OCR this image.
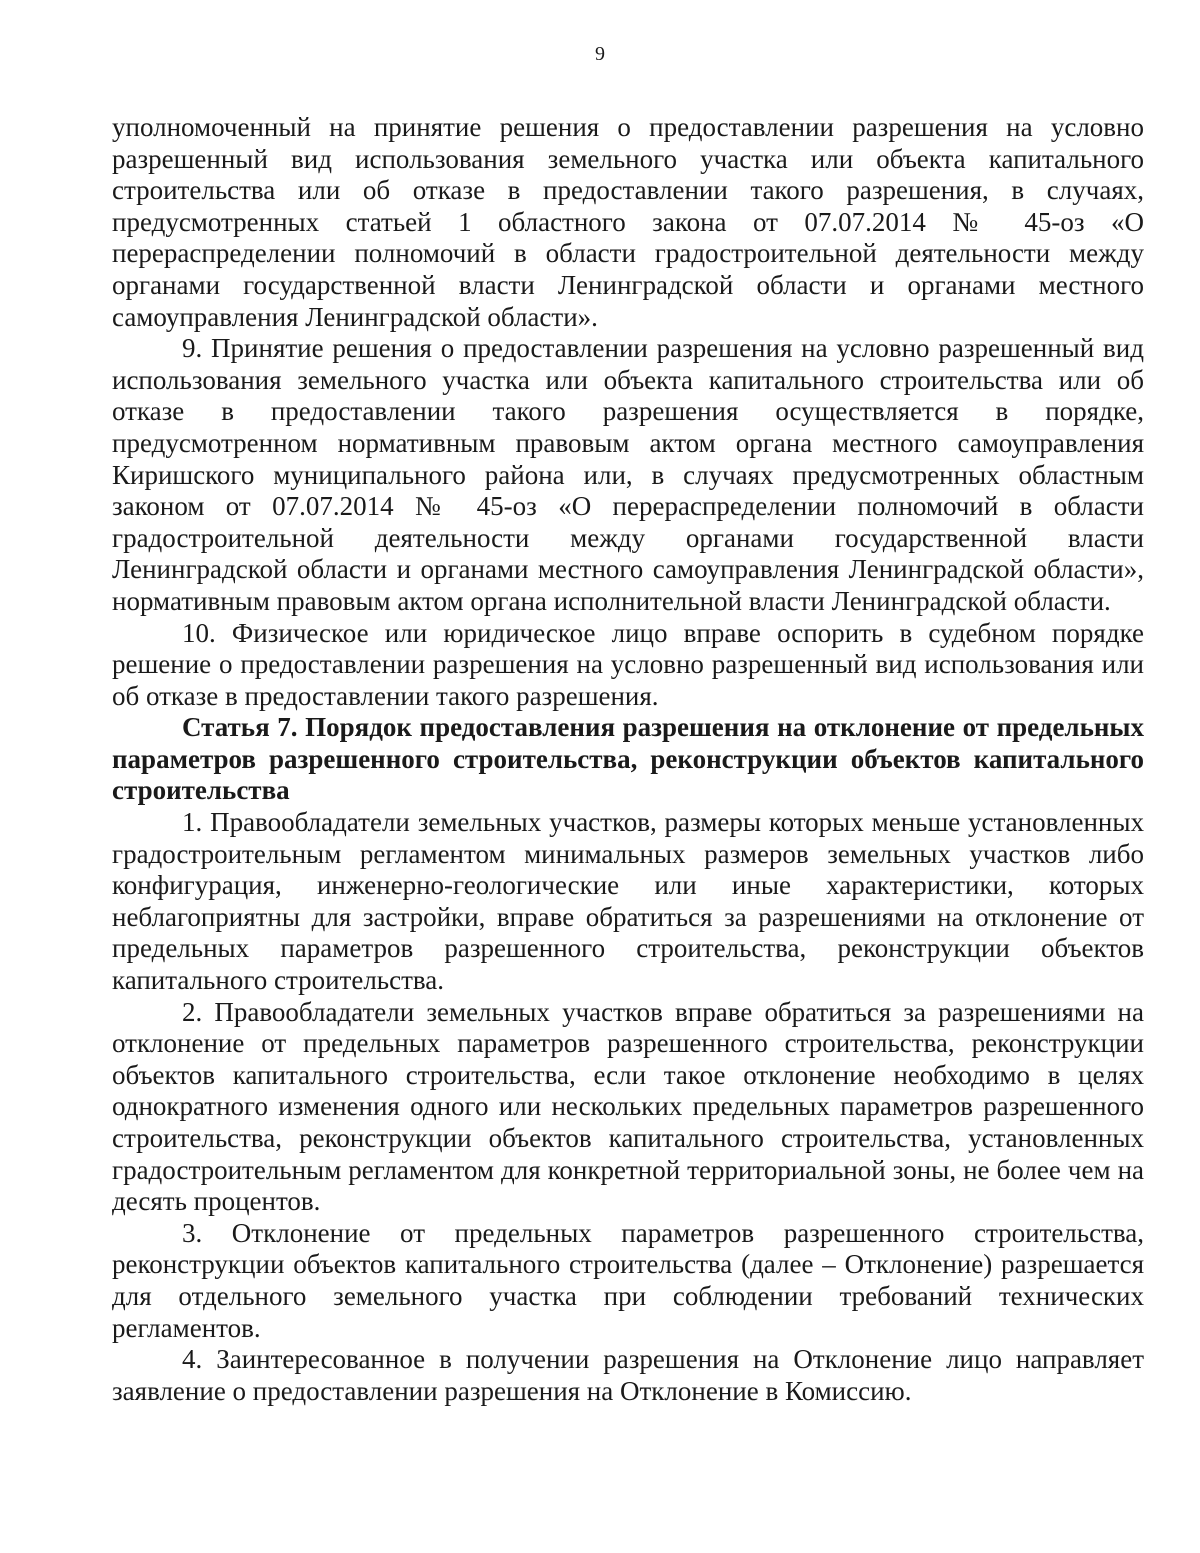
9

уполномоченный на принятие решения о предоставлении разрешения на условно разрешенный вид использования земельного участка или объекта капитального строительства или об отказе в предоставлении такого разрешения, в случаях, предусмотренных статьей 1 областного закона от 07.07.2014 № 45-оз «О перераспределении полномочий в области градостроительной деятельности между органами государственной власти Ленинградской области и органами местного самоуправления Ленинградской области».

9. Принятие решения о предоставлении разрешения на условно разрешенный вид использования земельного участка или объекта капитального строительства или об отказе в предоставлении такого разрешения осуществляется в порядке, предусмотренном нормативным правовым актом органа местного самоуправления Киришского муниципального района или, в случаях предусмотренных областным законом от 07.07.2014 № 45-оз «О перераспределении полномочий в области градостроительной деятельности между органами государственной власти Ленинградской области и органами местного самоуправления Ленинградской области», нормативным правовым актом органа исполнительной власти Ленинградской области.

10. Физическое или юридическое лицо вправе оспорить в судебном порядке решение о предоставлении разрешения на условно разрешенный вид использования или об отказе в предоставлении такого разрешения.

Статья 7. Порядок предоставления разрешения на отклонение от предельных параметров разрешенного строительства, реконструкции объектов капитального строительства

1. Правообладатели земельных участков, размеры которых меньше установленных градостроительным регламентом минимальных размеров земельных участков либо конфигурация, инженерно-геологические или иные характеристики, которых неблагоприятны для застройки, вправе обратиться за разрешениями на отклонение от предельных параметров разрешенного строительства, реконструкции объектов капитального строительства.

2. Правообладатели земельных участков вправе обратиться за разрешениями на отклонение от предельных параметров разрешенного строительства, реконструкции объектов капитального строительства, если такое отклонение необходимо в целях однократного изменения одного или нескольких предельных параметров разрешенного строительства, реконструкции объектов капитального строительства, установленных градостроительным регламентом для конкретной территориальной зоны, не более чем на десять процентов.

3. Отклонение от предельных параметров разрешенного строительства, реконструкции объектов капитального строительства (далее – Отклонение) разрешается для отдельного земельного участка при соблюдении требований технических регламентов.

4. Заинтересованное в получении разрешения на Отклонение лицо направляет заявление о предоставлении разрешения на Отклонение в Комиссию.
